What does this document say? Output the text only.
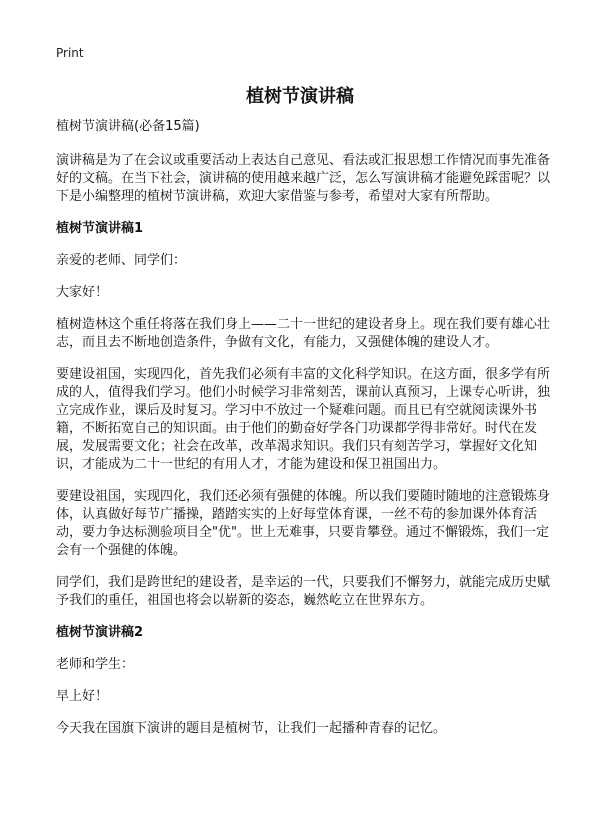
Print
植树节演讲稿

植树节演讲稿(必备15篇)

演讲稿是为了在会议或重要活动上表达自己意见、看法或汇报思想工作情况而事先准备好的文稿。在当下社会，演讲稿的使用越来越广泛，怎么写演讲稿才能避免踩雷呢？以下是小编整理的植树节演讲稿，欢迎大家借鉴与参考，希望对大家有所帮助。

植树节演讲稿1

亲爱的老师、同学们：

大家好！

植树造林这个重任将落在我们身上——二十一世纪的建设者身上。现在我们要有雄心壮志，而且去不断地创造条件，争做有文化，有能力，又强健体魄的建设人才。

要建设祖国，实现四化，首先我们必须有丰富的文化科学知识。在这方面，很多学有所成的人，值得我们学习。他们小时候学习非常刻苦，课前认真预习，上课专心听讲，独立完成作业，课后及时复习。学习中不放过一个疑难问题。而且已有空就阅读课外书籍，不断拓宽自己的知识面。由于他们的勤奋好学各门功课都学得非常好。时代在发展，发展需要文化；社会在改革，改革渴求知识。我们只有刻苦学习，掌握好文化知识，才能成为二十一世纪的有用人才，才能为建设和保卫祖国出力。

要建设祖国，实现四化，我们还必须有强健的体魄。所以我们要随时随地的注意锻炼身体，认真做好每节广播操，踏踏实实的上好每堂体育课，一丝不苟的参加课外体育活动，要力争达标测验项目全"优"。世上无难事，只要肯攀登。通过不懈锻炼，我们一定会有一个强健的体魄。

同学们，我们是跨世纪的建设者，是幸运的一代，只要我们不懈努力，就能完成历史赋予我们的重任，祖国也将会以崭新的姿态，巍然屹立在世界东方。

植树节演讲稿2

老师和学生：

早上好！

今天我在国旗下演讲的题目是植树节，让我们一起播种青春的记忆。
